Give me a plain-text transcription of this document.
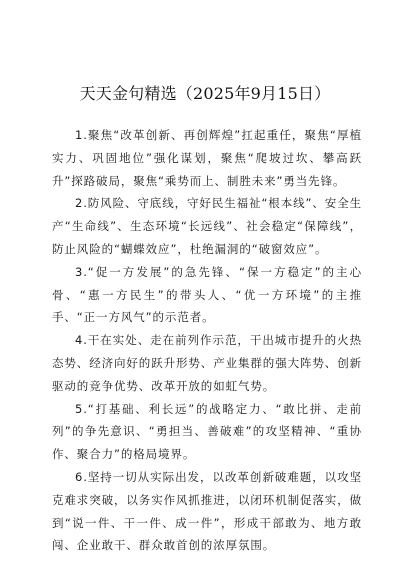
天天金句精选（2025年9月15日）

1.聚焦“改革创新、再创辉煌”扛起重任，聚焦“厚植实力、巩固地位”强化谋划，聚焦“爬坡过坎、攀高跃升”探路破局，聚焦“乘势而上、制胜未来”勇当先锋。

2.防风险、守底线，守好民生福祉“根本线”、安全生产“生命线”、生态环境“长远线”、社会稳定“保障线”，防止风险的“蝴蝶效应”，杜绝漏洞的“破窗效应”。

3.“促一方发展”的急先锋、“保一方稳定”的主心骨、“惠一方民生”的带头人、“优一方环境”的主推手、“正一方风气”的示范者。

4.干在实处、走在前列作示范，干出城市提升的火热态势、经济向好的跃升形势、产业集群的强大阵势、创新驱动的竞争优势、改革开放的如虹气势。

5.“打基础、利长远”的战略定力、“敢比拼、走前列”的争先意识、“勇担当、善破难”的攻坚精神、“重协作、聚合力”的格局境界。

6.坚持一切从实际出发，以改革创新破难题，以攻坚克难求突破，以务实作风抓推进，以闭环机制促落实，做到“说一件、干一件、成一件”，形成干部敢为、地方敢闯、企业敢干、群众敢首创的浓厚氛围。
